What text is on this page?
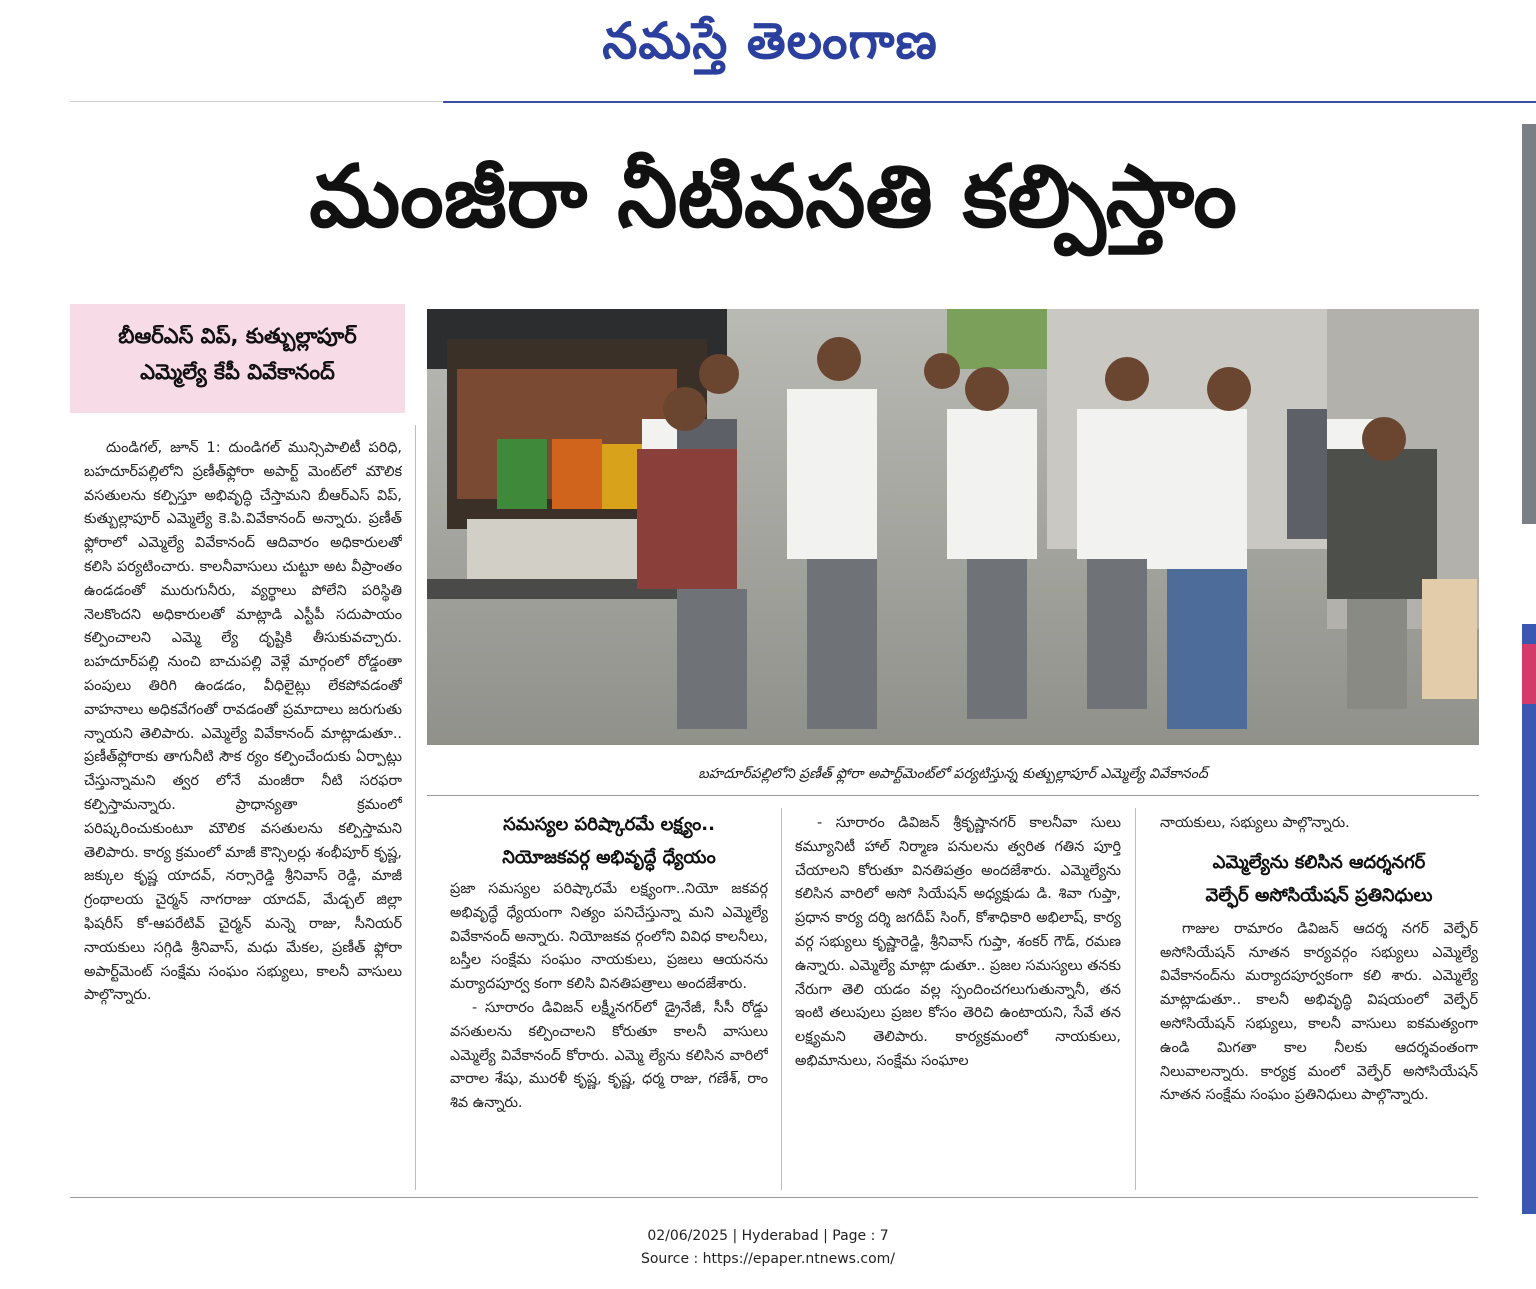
నమస్తే తెలంగాణ
మంజీరా నీటివసతి కల్పిస్తాం
బీఆర్ఎస్ విప్, కుత్బుల్లాపూర్
ఎమ్మెల్యే కేపీ వివేకానంద్
బహదూర్‌పల్లిలోని ప్రణీత్ ఫ్లోరా అపార్ట్‌మెంట్‌లో పర్యటిస్తున్న కుత్బుల్లాపూర్ ఎమ్మెల్యే వివేకానంద్

దుండిగల్, జూన్ 1: దుండిగల్ మున్సిపాలిటీ పరిధి, బహదూర్‌పల్లిలోని ప్రణీత్‌ఫ్లోరా అపార్ట్ మెంట్‌లో మౌలిక వసతులను కల్పిస్తూ అభివృద్ధి చేస్తామని బీఆర్ఎస్ విప్, కుత్బుల్లాపూర్ ఎమ్మెల్యే కె.పి.వివేకానంద్ అన్నారు. ప్రణీత్ ఫ్లోరాలో ఎమ్మెల్యే వివేకానంద్ ఆదివారం అధికారులతో కలిసి పర్యటించారు. కాలనీవాసులు చుట్టూ అట వీప్రాంతం ఉండడంతో మురుగునీరు, వ్యర్థాలు పోలేని పరిస్థితి నెలకొందని అధికారులతో మాట్లాడి ఎస్టీపీ సదుపాయం కల్పించాలని ఎమ్మె ల్యే దృష్టికి తీసుకువచ్చారు. బహదూర్‌పల్లి నుంచి బాచుపల్లి వెళ్లే మార్గంలో రోడ్డంతా పంపులు తిరిగి ఉండడం, వీధిలైట్లు లేకపోవడంతో వాహనాలు అధికవేగంతో రావడంతో ప్రమాదాలు జరుగుతు న్నాయని తెలిపారు. ఎమ్మెల్యే వివేకానంద్ మాట్లాడుతూ.. ప్రణీత్‌ఫ్లోరాకు తాగునీటి సౌక ర్యం కల్పించేందుకు ఏర్పాట్లు చేస్తున్నామని త్వర లోనే మంజీరా నీటి సరఫరా కల్పిస్తామన్నారు. ప్రాధాన్యతా క్రమంలో పరిష్కరించుకుంటూ మౌలిక వసతులను కల్పిస్తామని తెలిపారు. కార్య క్రమంలో మాజీ కౌన్సిలర్లు శంభీపూర్ కృష్ణ, జక్కుల కృష్ణ యాదవ్, నర్సారెడ్డి శ్రీనివాస్ రెడ్డి, మాజీ గ్రంథాలయ చైర్మన్ నాగరాజు యాదవ్, మేడ్చల్ జిల్లా ఫిషరీస్ కో-ఆపరేటివ్ చైర్మన్ మన్నె రాజు, సీనియర్ నాయకులు సగ్గిడి శ్రీనివాస్, మధు మేకల, ప్రణీత్ ఫ్లోరా అపార్ట్‌మెంట్ సంక్షేమ సంఘం సభ్యులు, కాలనీ వాసులు పాల్గొన్నారు.

సమస్యల పరిష్కారమే లక్ష్యం..
నియోజకవర్గ అభివృద్ధే ధ్యేయం

ప్రజా సమస్యల పరిష్కారమే లక్ష్యంగా..నియో జకవర్గ అభివృద్ధే ధ్యేయంగా నిత్యం పనిచేస్తున్నా మని ఎమ్మెల్యే వివేకానంద్ అన్నారు. నియోజకవ ర్గంలోని వివిధ కాలనీలు, బస్తీల సంక్షేమ సంఘం నాయకులు, ప్రజలు ఆయనను మర్యాదపూర్వ కంగా కలిసి వినతిపత్రాలు అందజేశారు.

- సూరారం డివిజన్ లక్ష్మీనగర్‌లో డ్రైనేజీ, సీసీ రోడ్డు వసతులను కల్పించాలని కోరుతూ కాలనీ వాసులు ఎమ్మెల్యే వివేకానంద్ కోరారు. ఎమ్మె ల్యేను కలిసిన వారిలో వారాల శేషు, మురళీ కృష్ణ, కృష్ణ, ధర్మ రాజు, గణేశ్, రాం శివ ఉన్నారు.

- సూరారం డివిజన్ శ్రీకృష్ణానగర్ కాలనీవా సులు కమ్యూనిటీ హాల్ నిర్మాణ పనులను త్వరిత గతిన పూర్తి చేయాలని కోరుతూ వినతిపత్రం అందజేశారు. ఎమ్మెల్యేను కలిసిన వారిలో అసో సియేషన్ అధ్యక్షుడు డి. శివా గుప్తా, ప్రధాన కార్య దర్శి జగదీప్ సింగ్, కోశాధికారి అభిలాష్, కార్య వర్గ సభ్యులు కృష్ణారెడ్డి, శ్రీనివాస్ గుప్తా, శంకర్ గౌడ్, రమణ ఉన్నారు. ఎమ్మెల్యే మాట్లా డుతూ.. ప్రజల సమస్యలు తనకు నేరుగా తెలి యడం వల్ల స్పందించగలుగుతున్నానీ, తన ఇంటి తలుపులు ప్రజల కోసం తెరిచి ఉంటాయని, సేవే తన లక్ష్యమని తెలిపారు. కార్యక్రమంలో నాయకులు, అభిమానులు, సంక్షేమ సంఘాల

నాయకులు, సభ్యులు పాల్గొన్నారు.

ఎమ్మెల్యేను కలిసిన ఆదర్శనగర్
వెల్ఫేర్ అసోసియేషన్ ప్రతినిధులు

గాజుల రామారం డివిజన్ ఆదర్శ నగర్ వెల్ఫేర్ అసోసియేషన్ నూతన కార్యవర్గం సభ్యులు ఎమ్మెల్యే వివేకానంద్‌ను మర్యాదపూర్వకంగా కలి శారు. ఎమ్మెల్యే మాట్లాడుతూ.. కాలనీ అభివృద్ధి విషయంలో వెల్ఫేర్ అసోసియేషన్ సభ్యులు, కాలనీ వాసులు ఐకమత్యంగా ఉండి మిగతా కాల నీలకు ఆదర్శవంతంగా నిలువాలన్నారు. కార్యక్ర మంలో వెల్ఫేర్ అసోసియేషన్ నూతన సంక్షేమ సంఘం ప్రతినిధులు పాల్గొన్నారు.

02/06/2025 | Hyderabad | Page : 7
Source : https://epaper.ntnews.com/
